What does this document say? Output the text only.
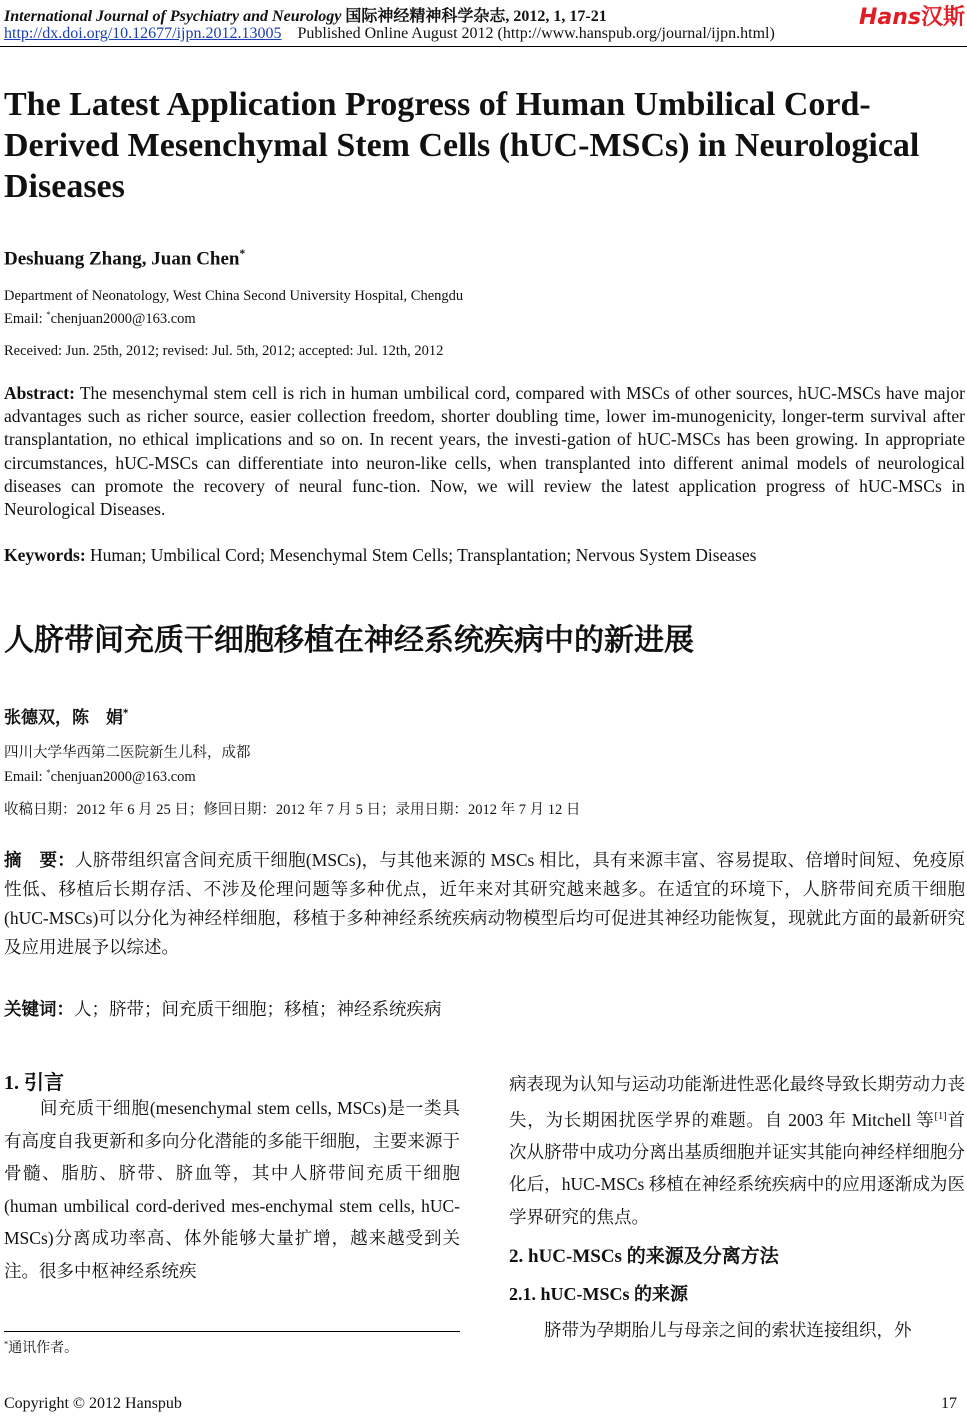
International Journal of Psychiatry and Neurology 国际神经精神科学杂志, 2012, 1, 17-21
http://dx.doi.org/10.12677/ijpn.2012.13005 Published Online August 2012 (http://www.hanspub.org/journal/ijpn.html)
Hans汉斯
The Latest Application Progress of Human Umbilical Cord-Derived Mesenchymal Stem Cells (hUC-MSCs) in Neurological Diseases
Deshuang Zhang, Juan Chen*
Department of Neonatology, West China Second University Hospital, Chengdu
Email: *chenjuan2000@163.com
Received: Jun. 25th, 2012; revised: Jul. 5th, 2012; accepted: Jul. 12th, 2012
Abstract: The mesenchymal stem cell is rich in human umbilical cord, compared with MSCs of other sources, hUC-MSCs have major advantages such as richer source, easier collection freedom, shorter doubling time, lower im-munogenicity, longer-term survival after transplantation, no ethical implications and so on. In recent years, the investi-gation of hUC-MSCs has been growing. In appropriate circumstances, hUC-MSCs can differentiate into neuron-like cells, when transplanted into different animal models of neurological diseases can promote the recovery of neural func-tion. Now, we will review the latest application progress of hUC-MSCs in Neurological Diseases.
Keywords: Human; Umbilical Cord; Mesenchymal Stem Cells; Transplantation; Nervous System Diseases
人脐带间充质干细胞移植在神经系统疾病中的新进展
张德双，陈　娟*
四川大学华西第二医院新生儿科，成都
Email: *chenjuan2000@163.com
收稿日期：2012 年 6 月 25 日；修回日期：2012 年 7 月 5 日；录用日期：2012 年 7 月 12 日
摘　要：人脐带组织富含间充质干细胞(MSCs)，与其他来源的 MSCs 相比，具有来源丰富、容易提取、倍增时间短、免疫原性低、移植后长期存活、不涉及伦理问题等多种优点，近年来对其研究越来越多。在适宜的环境下，人脐带间充质干细胞(hUC-MSCs)可以分化为神经样细胞，移植于多种神经系统疾病动物模型后均可促进其神经功能恢复，现就此方面的最新研究及应用进展予以综述。
关键词：人；脐带；间充质干细胞；移植；神经系统疾病
1. 引言
间充质干细胞(mesenchymal stem cells, MSCs)是一类具有高度自我更新和多向分化潜能的多能干细胞，主要来源于骨髓、脂肪、脐带、脐血等，其中人脐带间充质干细胞(human umbilical cord-derived mes-enchymal stem cells, hUC-MSCs)分离成功率高、体外能够大量扩增，越来越受到关注。很多中枢神经系统疾
病表现为认知与运动功能渐进性恶化最终导致长期劳动力丧失，为长期困扰医学界的难题。自 2003 年 Mitchell 等[1]首次从脐带中成功分离出基质细胞并证实其能向神经样细胞分化后，hUC-MSCs 移植在神经系统疾病中的应用逐渐成为医学界研究的焦点。
2. hUC-MSCs 的来源及分离方法
2.1. hUC-MSCs 的来源
脐带为孕期胎儿与母亲之间的索状连接组织，外
*通讯作者。
Copyright © 2012 Hanspub	17
